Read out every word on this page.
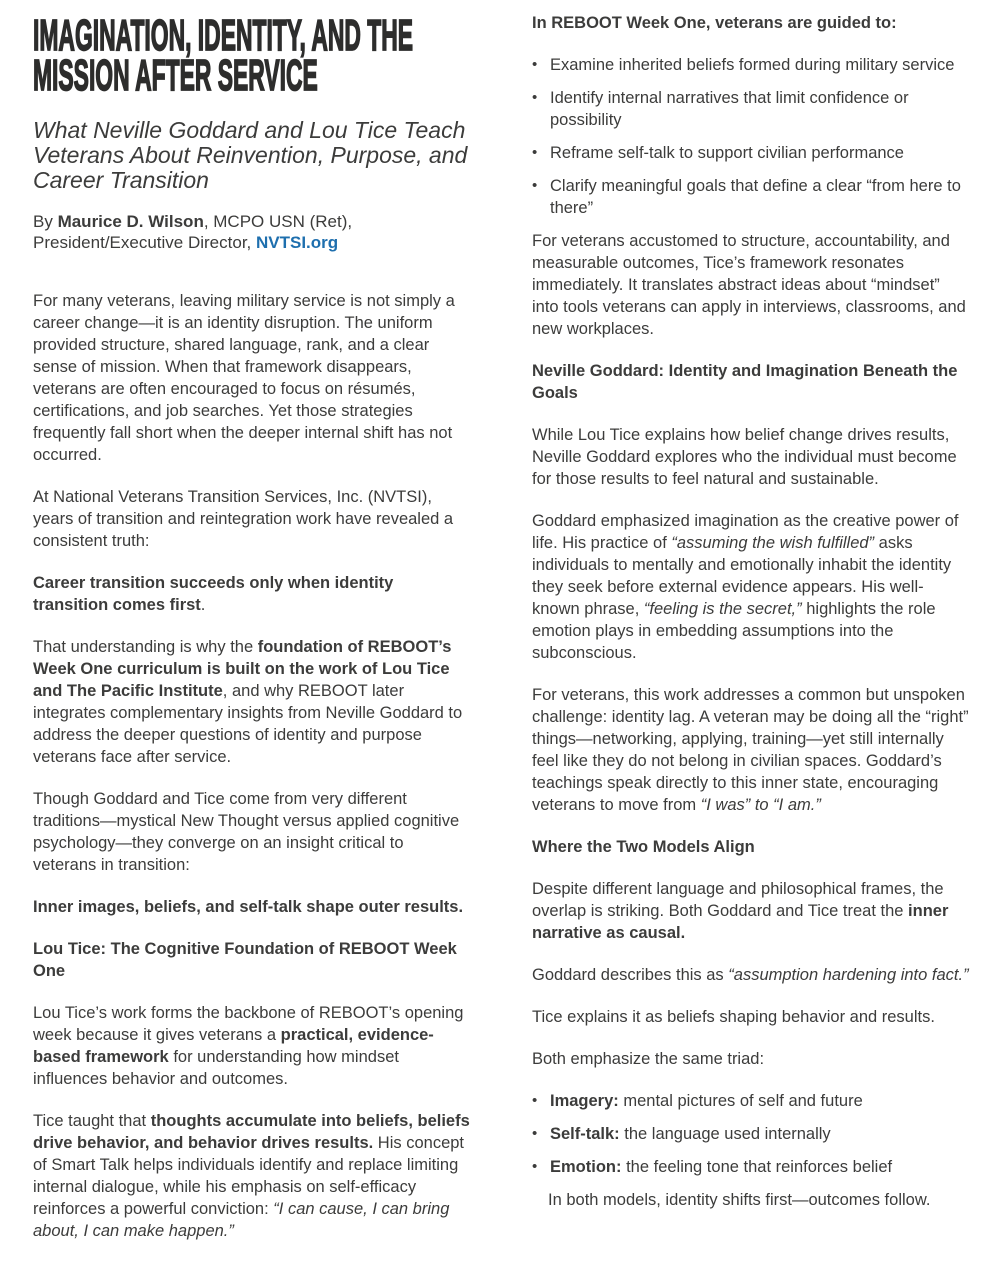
IMAGINATION, IDENTITY, AND THE
MISSION AFTER SERVICE
What Neville Goddard and Lou Tice Teach Veterans About Reinvention, Purpose, and Career Transition

By Maurice D. Wilson, MCPO USN (Ret), President/Executive Director, NVTSI.org

For many veterans, leaving military service is not simply a career change—it is an identity disruption. The uniform provided structure, shared language, rank, and a clear sense of mission. When that framework disappears, veterans are often encouraged to focus on résumés, certifications, and job searches. Yet those strategies frequently fall short when the deeper internal shift has not occurred.

At National Veterans Transition Services, Inc. (NVTSI), years of transition and reintegration work have revealed a consistent truth:

Career transition succeeds only when identity transition comes first.

That understanding is why the foundation of REBOOT’s Week One curriculum is built on the work of Lou Tice and The Pacific Institute, and why REBOOT later integrates complementary insights from Neville Goddard to address the deeper questions of identity and purpose veterans face after service.

Though Goddard and Tice come from very different traditions—mystical New Thought versus applied cognitive psychology—they converge on an insight critical to veterans in transition:

Inner images, beliefs, and self-talk shape outer results.

Lou Tice: The Cognitive Foundation of REBOOT Week One

Lou Tice’s work forms the backbone of REBOOT’s opening week because it gives veterans a practical, evidence-based framework for understanding how mindset influences behavior and outcomes.

Tice taught that thoughts accumulate into beliefs, beliefs drive behavior, and behavior drives results. His concept of Smart Talk helps individuals identify and replace limiting internal dialogue, while his emphasis on self-efficacy reinforces a powerful conviction: “I can cause, I can bring about, I can make happen.”

In REBOOT Week One, veterans are guided to:
• Examine inherited beliefs formed during military service
• Identify internal narratives that limit confidence or possibility
• Reframe self-talk to support civilian performance
• Clarify meaningful goals that define a clear “from here to there”

For veterans accustomed to structure, accountability, and measurable outcomes, Tice’s framework resonates immediately. It translates abstract ideas about “mindset” into tools veterans can apply in interviews, classrooms, and new workplaces.

Neville Goddard: Identity and Imagination Beneath the Goals

While Lou Tice explains how belief change drives results, Neville Goddard explores who the individual must become for those results to feel natural and sustainable.

Goddard emphasized imagination as the creative power of life. His practice of “assuming the wish fulfilled” asks individuals to mentally and emotionally inhabit the identity they seek before external evidence appears. His well-known phrase, “feeling is the secret,” highlights the role emotion plays in embedding assumptions into the subconscious.

For veterans, this work addresses a common but unspoken challenge: identity lag. A veteran may be doing all the “right” things—networking, applying, training—yet still internally feel like they do not belong in civilian spaces. Goddard’s teachings speak directly to this inner state, encouraging veterans to move from “I was” to “I am.”

Where the Two Models Align

Despite different language and philosophical frames, the overlap is striking. Both Goddard and Tice treat the inner narrative as causal.

Goddard describes this as “assumption hardening into fact.”

Tice explains it as beliefs shaping behavior and results.

Both emphasize the same triad:

• Imagery: mental pictures of self and future
• Self-talk: the language used internally
• Emotion: the feeling tone that reinforces belief

In both models, identity shifts first—outcomes follow.
